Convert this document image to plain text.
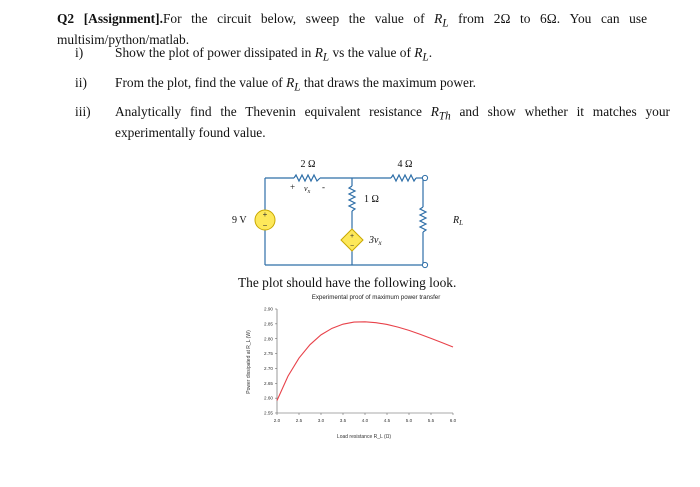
Q2 [Assignment].For the circuit below, sweep the value of $R_L$ from 2Ω to 6Ω. You can use multisim/python/matlab.
i)	Show the plot of power dissipated in $R_L$ vs the value of $R_L$.
ii)	From the plot, find the value of $R_L$ that draws the maximum power.
iii)	Analytically find the Thevenin equivalent resistance $R_{Th}$ and show whether it matches your experimentally found value.
+
−
+
−
2 Ω	4 Ω
1 Ω
9 V
+	-
$v_x$
$R_L$
$3v_x$
The plot should have the following look.
Experimental proof of maximum power transfer
Power dissipated at R_L (W)
Load resistance R_L (Ω)
2.90
2.85
2.80
2.75
2.70
2.65
2.60
2.55
2.0	2.5	3.0	3.5	4.0	4.5	5.0	5.5	6.0
